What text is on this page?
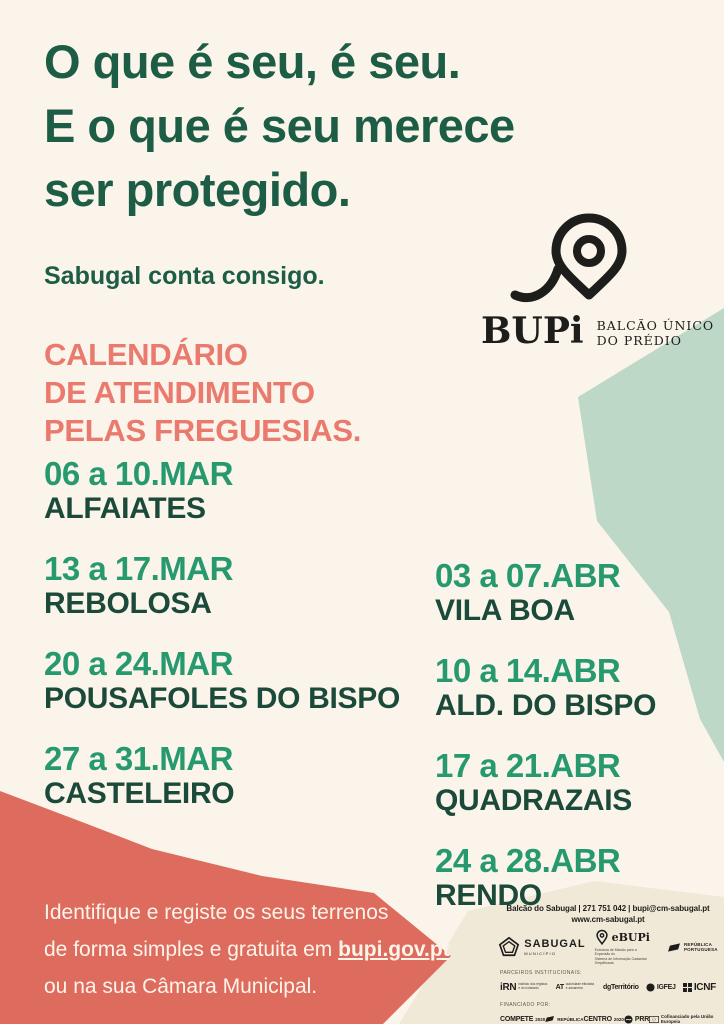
O que é seu, é seu.
E o que é seu merece
ser protegido.
Sabugal conta consigo.
BUPi BALCÃO ÚNICO
DO PRÉDIO
CALENDÁRIO
DE ATENDIMENTO
PELAS FREGUESIAS.
06 a 10.MAR
ALFAIATES
13 a 17.MAR
REBOLOSA
20 a 24.MAR
POUSAFOLES DO BISPO
27 a 31.MAR
CASTELEIRO
03 a 07.ABR
VILA BOA
10 a 14.ABR
ALD. DO BISPO
17 a 21.ABR
QUADRAZAIS
24 a 28.ABR
RENDO
Identifique e registe os seus terrenos
de forma simples e gratuita em bupi.gov.pt
ou na sua Câmara Municipal.
Balcão do Sabugal | 271 751 042 | bupi@cm-sabugal.pt
www.cm-sabugal.pt
SABUGAL
MUNICÍPIO
eBUPi
Estrutura de Missão para a Expansão do
Sistema de Informação Cadastral Simplificada
REPÚBLICA
PORTUGUESA
PARCEIROS INSTITUCIONAIS:
iRN instituto dos registos e do notariado	AT autoridade tributária e aduaneira	dgTerritório	IGFEJ ICNF
FINANCIADO POR:
COMPETE 2020	REPÚBLICA CENTRO 2020 PRR	Cofinanciado pela União Europeia
